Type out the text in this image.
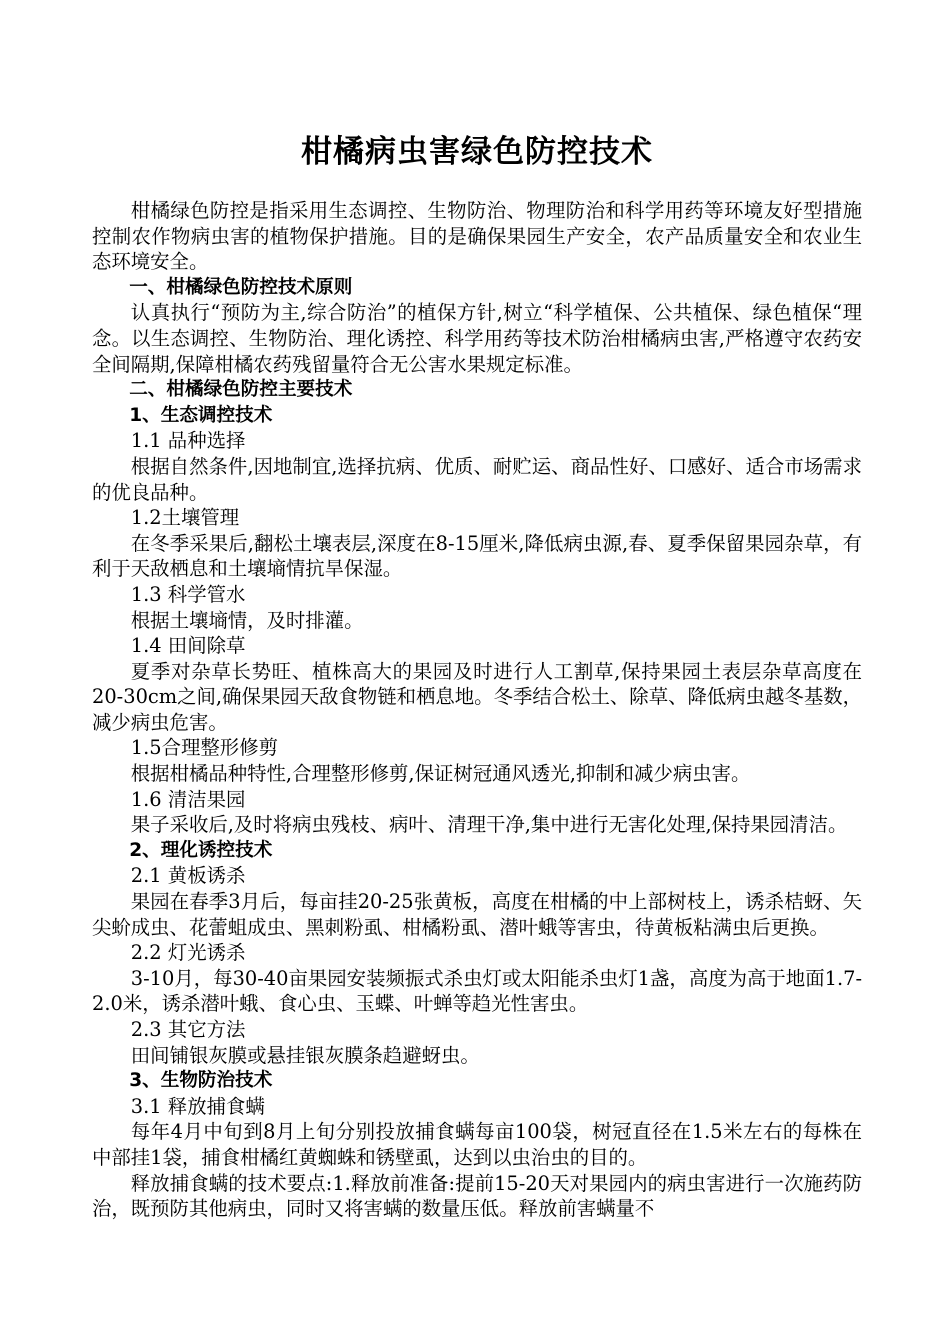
柑橘病虫害绿色防控技术

柑橘绿色防控是指采用生态调控、生物防治、物理防治和科学用药等环境友好型措施控制农作物病虫害的植物保护措施。目的是确保果园生产安全，农产品质量安全和农业生态环境安全。

一、柑橘绿色防控技术原则

认真执行“预防为主,综合防治”的植保方针,树立“科学植保、公共植保、绿色植保“理念。以生态调控、生物防治、理化诱控、科学用药等技术防治柑橘病虫害,严格遵守农药安全间隔期,保障柑橘农药残留量符合无公害水果规定标准。

二、柑橘绿色防控主要技术

1、生态调控技术

1.1 品种选择

根据自然条件,因地制宜,选择抗病、优质、耐贮运、商品性好、口感好、适合市场需求的优良品种。

1.2土壤管理

在冬季采果后,翻松土壤表层,深度在8-15厘米,降低病虫源,春、夏季保留果园杂草，有利于天敌栖息和土壤墒情抗旱保湿。

1.3 科学管水

根据土壤墒情，及时排灌。

1.4 田间除草

夏季对杂草长势旺、植株高大的果园及时进行人工割草,保持果园土表层杂草高度在20-30cm之间,确保果园天敌食物链和栖息地。冬季结合松土、除草、降低病虫越冬基数，减少病虫危害。

1.5合理整形修剪

根据柑橘品种特性,合理整形修剪,保证树冠通风透光,抑制和减少病虫害。

1.6 清洁果园

果子采收后,及时将病虫残枝、病叶、清理干净,集中进行无害化处理,保持果园清洁。

2、理化诱控技术

2.1 黄板诱杀

果园在春季3月后，每亩挂20-25张黄板，高度在柑橘的中上部树枝上，诱杀桔蚜、矢尖蚧成虫、花蕾蛆成虫、黑刺粉虱、柑橘粉虱、潜叶蛾等害虫，待黄板粘满虫后更换。

2.2 灯光诱杀

3-10月，每30-40亩果园安装频振式杀虫灯或太阳能杀虫灯1盏，高度为高于地面1.7-2.0米，诱杀潜叶蛾、食心虫、玉蝶、叶蝉等趋光性害虫。

2.3 其它方法

田间铺银灰膜或悬挂银灰膜条趋避蚜虫。

3、生物防治技术

3.1 释放捕食螨

每年4月中旬到8月上旬分别投放捕食螨每亩100袋，树冠直径在1.5米左右的每株在中部挂1袋，捕食柑橘红黄蜘蛛和锈壁虱，达到以虫治虫的目的。

释放捕食螨的技术要点:1.释放前准备:提前15-20天对果园内的病虫害进行一次施药防治，既预防其他病虫，同时又将害螨的数量压低。释放前害螨量不
